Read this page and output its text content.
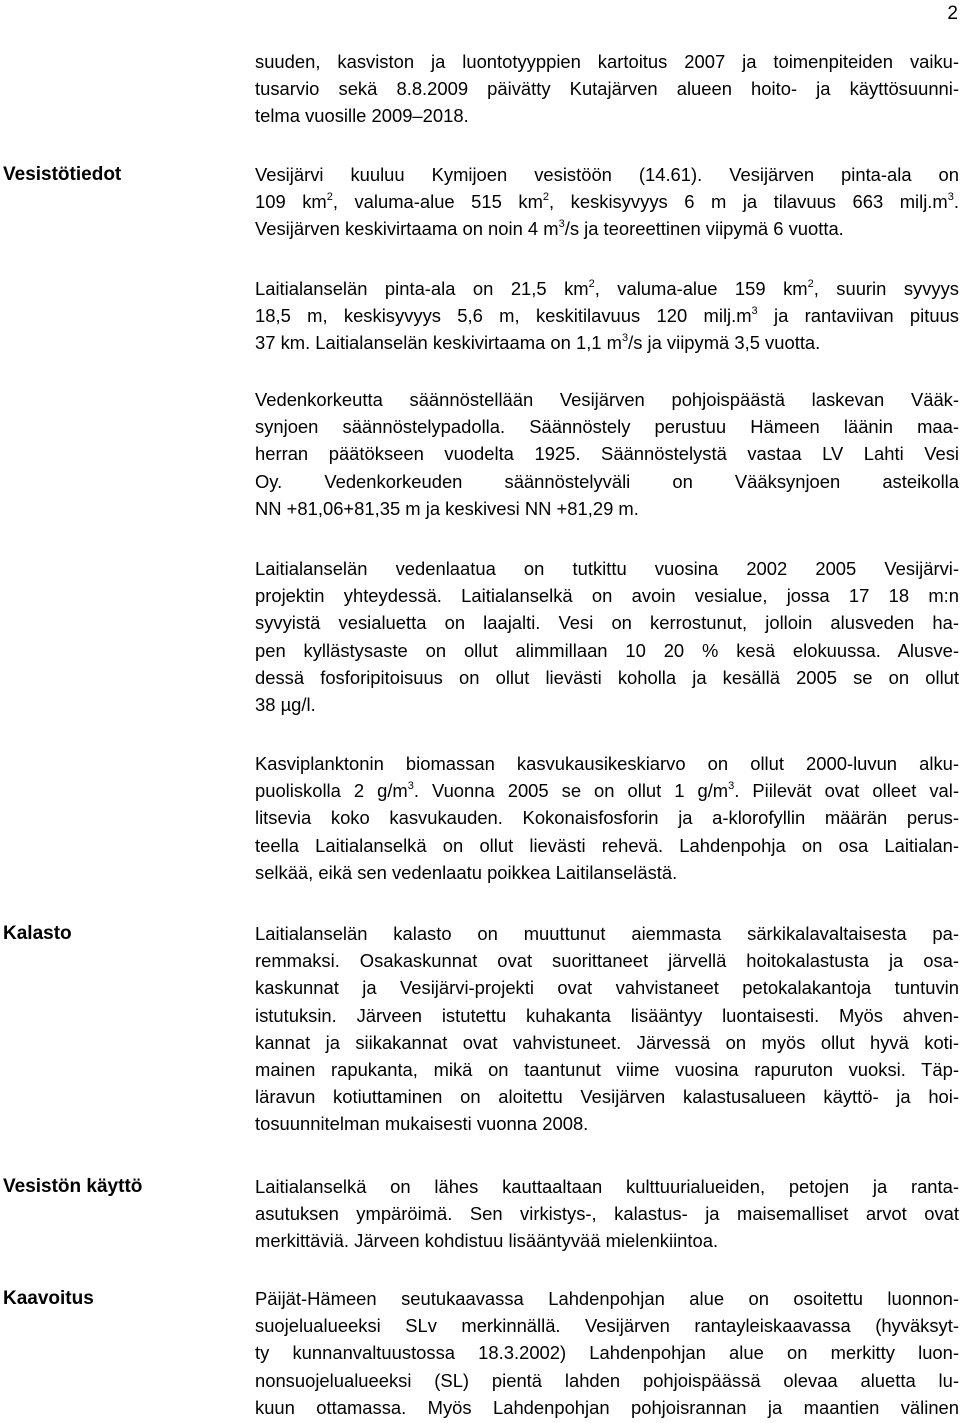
2
suuden, kasviston ja luontotyyppien kartoitus 2007 ja toimenpiteiden vaiku-
tusarvio sekä 8.8.2009 päivätty Kutajärven alueen hoito- ja käyttösuunni-
telma vuosille 2009–2018.
Vesistötiedot	Vesijärvi kuuluu Kymijoen vesistöön (14.61). Vesijärven pinta-ala on
109 $km^2$, valuma-alue 515 $km^2$, keskisyvyys 6 m ja tilavuus 663 $milj.m^3$.
Vesijärven keskivirtaama on noin 4 $m^3/s$ ja teoreettinen viipymä 6 vuotta.
Laitialanselän pinta-ala on 21,5 $km^2$, valuma-alue 159 $km^2$, suurin syvyys
18,5 m, keskisyvyys 5,6 m, keskitilavuus 120 $milj.m^3$ ja rantaviivan pituus
37 km. Laitialanselän keskivirtaama on 1,1 $m^3/s$ ja viipymä 3,5 vuotta.
Vedenkorkeutta säännöstellään Vesijärven pohjoispäästä laskevan Vääk-
synjoen säännöstelypadolla. Säännöstely perustuu Hämeen läänin maa-
herran päätökseen vuodelta 1925. Säännöstelystä vastaa LV Lahti Vesi
Oy. Vedenkorkeuden säännöstelyväli on Vääksynjoen asteikolla
NN +81,06+81,35 m ja keskivesi NN +81,29 m.
Laitialanselän vedenlaatua on tutkittu vuosina 2002 2005 Vesijärvi-
projektin yhteydessä. Laitialanselkä on avoin vesialue, jossa 17 18 m:n
syvyistä vesialuetta on laajalti. Vesi on kerrostunut, jolloin alusveden ha-
pen kyllästysaste on ollut alimmillaan 10 20 % kesä elokuussa. Alusve-
dessä fosforipitoisuus on ollut lievästi koholla ja kesällä 2005 se on ollut
38 µg/l.
Kasviplanktonin biomassan kasvukausikeskiarvo on ollut 2000-luvun alku-
puoliskolla 2 $g/m^3$. Vuonna 2005 se on ollut 1 $g/m^3$. Piilevät ovat olleet val-
litsevia koko kasvukauden. Kokonaisfosforin ja a-klorofyllin määrän perus-
teella Laitialanselkä on ollut lievästi rehevä. Lahdenpohja on osa Laitialan-
selkää, eikä sen vedenlaatu poikkea Laitilanselästä.
Kalasto	Laitialanselän kalasto on muuttunut aiemmasta särkikalavaltaisesta pa-
remmaksi. Osakaskunnat ovat suorittaneet järvellä hoitokalastusta ja osa-
kaskunnat ja Vesijärvi-projekti ovat vahvistaneet petokalakantoja tuntuvin
istutuksin. Järveen istutettu kuhakanta lisääntyy luontaisesti. Myös ahven-
kannat ja siikakannat ovat vahvistuneet. Järvessä on myös ollut hyvä koti-
mainen rapukanta, mikä on taantunut viime vuosina rapuruton vuoksi. Täp-
läravun kotiuttaminen on aloitettu Vesijärven kalastusalueen käyttö- ja hoi-
tosuunnitelman mukaisesti vuonna 2008.
Vesistön käyttö	Laitialanselkä on lähes kauttaaltaan kulttuurialueiden, petojen ja ranta-
asutuksen ympäröimä. Sen virkistys-, kalastus- ja maisemalliset arvot ovat
merkittäviä. Järveen kohdistuu lisääntyvää mielenkiintoa.
Kaavoitus	Päijät-Hämeen seutukaavassa Lahdenpohjan alue on osoitettu luonnon-
suojelualueeksi SLv merkinnällä. Vesijärven rantayleiskaavassa (hyväksyt-
ty kunnanvaltuustossa 18.3.2002) Lahdenpohjan alue on merkitty luon-
nonsuojelualueeksi (SL) pientä lahden pohjoispäässä olevaa aluetta lu-
kuun ottamassa. Myös Lahdenpohjan pohjoisrannan ja maantien välinen
